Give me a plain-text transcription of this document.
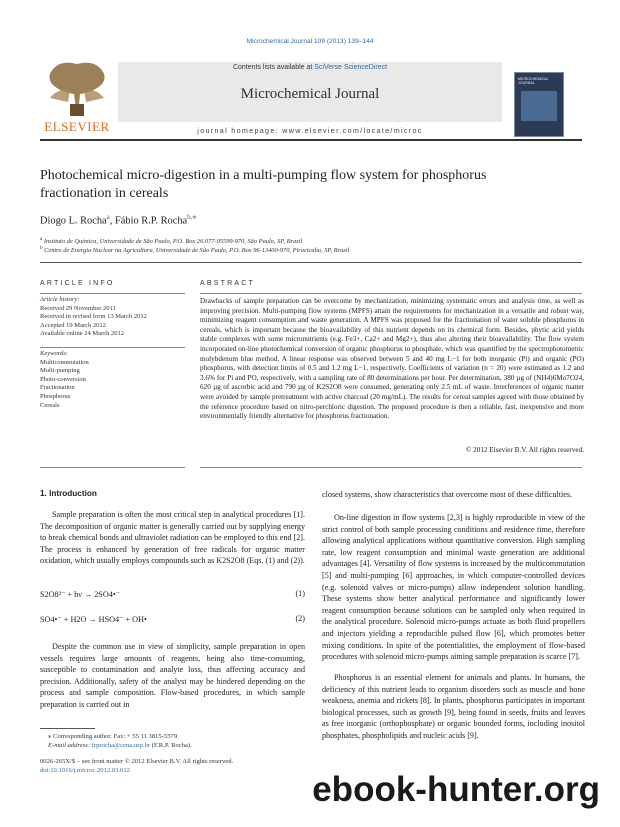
Microchemical Journal 109 (2013) 139–144
ELSEVIER
Contents lists available at SciVerse ScienceDirect
Microchemical Journal
journal homepage: www.elsevier.com/locate/microc
MICROCHEMICAL JOURNAL
Photochemical micro-digestion in a multi-pumping flow system for phosphorus fractionation in cereals
Diogo L. Rocha$^a$, Fábio R.P. Rocha$^{b,⁎}$
$^a$ Instituto de Química, Universidade de São Paulo, P.O. Box 26.077-05599-970, São Paulo, SP, Brazil
$^b$ Centro de Energia Nuclear na Agricultura, Universidade de São Paulo, P.O. Box 96-13400-970, Piracicaba, SP, Brazil
ARTICLE INFO
Article history:
Received 29 November 2011
Received in revised form 13 March 2012
Accepted 19 March 2012
Available online 24 March 2012
Keywords:
Multicommutation
Multi-pumping
Photo-conversion
Fractionation
Phosphorus
Cereals
ABSTRACT
Drawbacks of sample preparation can be overcome by mechanization, minimizing systematic errors and analysis time, as well as improving precision. Multi-pumping flow systems (MPFS) attain the requirements for mechanization in a versatile and robust way, minimizing reagent consumption and waste generation. A MPFS was proposed for the fractionation of water soluble phosphorus in cereals, which is important because the bioavailability of this nutrient depends on its chemical form. Besides, phytic acid yields stable complexes with some micronutrients (e.g. Fe3+, Ca2+ and Mg2+), thus also altering their bioavailability. The flow system incorporated on-line photochemical conversion of organic phosphorus to phosphate, which was quantified by the spectrophotometric molybdenum blue method. A linear response was observed between 5 and 40 mg L−1 for both inorganic (Pi) and organic (PO) phosphorus, with detection limits of 0.5 and 1.2 mg L−1, respectively. Coefficients of variation (n = 20) were estimated as 1.2 and 3.6% for Pi and PO, respectively, with a sampling rate of 80 determinations per hour. Per determination, 380 µg of (NH4)6Mo7O24, 620 µg of ascorbic acid and 790 µg of K2S2O8 were consumed, generating only 2.5 mL of waste. Interferences of organic matter were avoided by sample pretreatment with active charcoal (20 mg/mL). The results for cereal samples agreed with those obtained by the reference procedure based on nitro-perchloric digestion. The proposed procedure is then a reliable, fast, inexpensive and more environmentally friendly alternative for phosphorus fractionation.
© 2012 Elsevier B.V. All rights reserved.
1. Introduction
Sample preparation is often the most critical step in analytical procedures [1]. The decomposition of organic matter is generally carried out by supplying energy to break chemical bonds and ultraviolet radiation can be employed to this end [2]. The process is enhanced by generation of free radicals for organic matter oxidation, which usually employs compounds such as K2S2O8 (Eqs. (1) and (2)).
S2O8²⁻ + hν → 2SO4•⁻	(1)
SO4•⁻ + H2O → HSO4⁻ + OH•	(2)
Despite the common use in view of simplicity, sample preparation in open vessels requires large amounts of reagents, being also time-consuming, susceptible to contamination and analyte loss, thus affecting accuracy and precision. Additionally, safety of the analyst may be hindered depending on the process and sample composition. Flow-based procedures, in which sample preparation is carried out in
⁎ Corresponding author. Fax: + 55 11 3815-5579.
E-mail address: frprocha@cena.usp.br (F.R.P. Rocha).
0026-265X/$ – see front matter © 2012 Elsevier B.V. All rights reserved.
doi:10.1016/j.microc.2012.03.012
closed systems, show characteristics that overcome most of these difficulties.
On-line digestion in flow systems [2,3] is highly reproducible in view of the strict control of both sample processing conditions and residence time, therefore allowing analytical applications without quantitative conversion. High sampling rate, low reagent consumption and minimal waste generation are additional advantages [4]. Versatility of flow systems is increased by the multicommutation [5] and multi-pumping [6] approaches, in which computer-controlled devices (e.g. solenoid valves or micro-pumps) allow independent solution handling. These systems show better analytical performance and significantly lower reagent consumption because solutions can be sampled only when required in the analytical procedure. Solenoid micro-pumps actuate as both fluid propellers and injectors yielding a reproducible pulsed flow [6], which promotes better mixing conditions. In spite of the potentialities, the employment of flow-based procedures with solenoid micro-pumps aiming sample preparation is scarce [7].
Phosphorus is an essential element for animals and plants. In humans, the deficiency of this nutrient leads to organism disorders such as muscle and bone weakness, anemia and rickets [8]. In plants, phosphorus participates in important biological processes, such as growth [9], being found in seeds, fruits and leaves as free inorganic (orthophosphate) or organic bounded forms, including inositol phosphates, phospholipids and nucleic acids [9].
ebook-hunter.org
